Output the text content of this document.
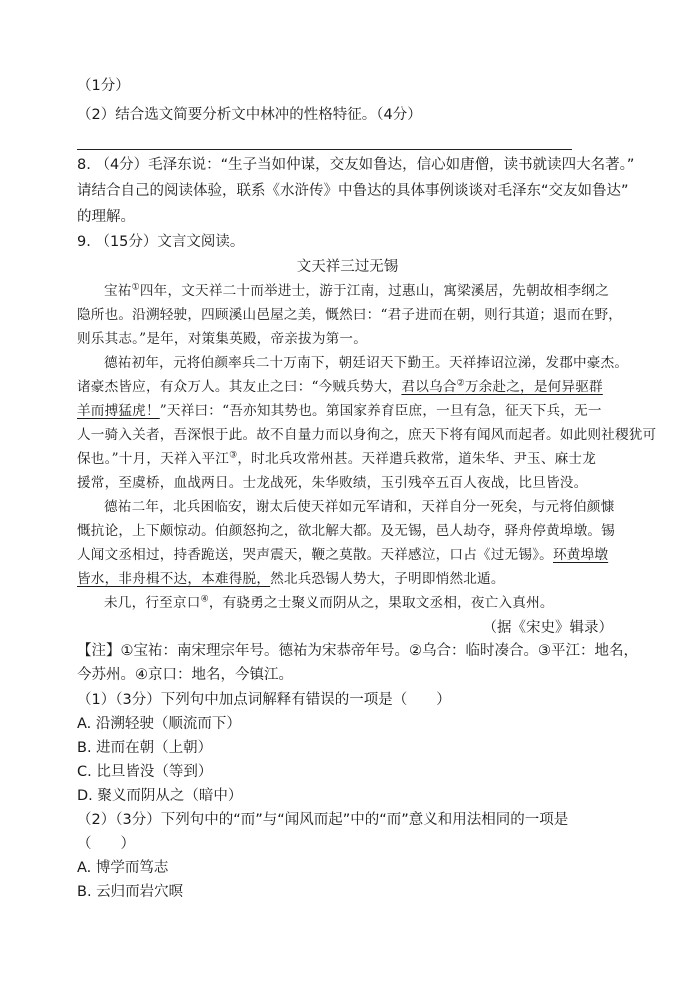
（1分）
（2）结合选文简要分析文中林冲的性格特征。（4分）
8. （4分）毛泽东说：“生子当如仲谋，交友如鲁达，信心如唐僧，读书就读四大名著。”
请结合自己的阅读体验，联系《水浒传》中鲁达的具体事例谈谈对毛泽东“交友如鲁达”
的理解。
9. （15分）文言文阅读。
文天祥三过无锡
宝祐①四年，文天祥二十而举进士，游于江南，过惠山，寓梁溪居，先朝故相李纲之
隐所也。沿溯轻驶，四顾溪山邑屋之美，慨然曰：“君子进而在朝，则行其道；退而在野，
则乐其志。”是年，对策集英殿，帝亲拔为第一。
德祐初年，元将伯颜率兵二十万南下，朝廷诏天下勤王。天祥捧诏泣涕，发郡中豪杰。
诸豪杰皆应，有众万人。其友止之曰：“今贼兵势大，君以乌合②万余赴之，是何异驱群
羊而搏猛虎！”天祥曰：“吾亦知其势也。第国家养育臣庶，一旦有急，征天下兵，无一
人一骑入关者，吾深恨于此。故不自量力而以身徇之，庶天下将有闻风而起者。如此则社稷犹可
保也。”十月，天祥入平江③，时北兵攻常州甚。天祥遣兵救常，道朱华、尹玉、麻士龙
援常，至虞桥，血战两日。士龙战死，朱华败绩，玉引残卒五百人夜战，比旦皆没。
德祐二年，北兵困临安，谢太后使天祥如元军请和，天祥自分一死矣，与元将伯颜慷
慨抗论，上下颇惊动。伯颜怒拘之，欲北解大都。及无锡，邑人劫夺，驿舟停黄埠墩。锡
人闻文丞相过，持香跪送，哭声震天，鞭之莫散。天祥感泣，口占《过无锡》。环黄埠墩
皆水，非舟楫不达，本难得脱，然北兵恐锡人势大，子明即悄然北遁。
未几，行至京口④，有骁勇之士聚义而阴从之，果取文丞相，夜亡入真州。
（据《宋史》辑录）
【注】①宝祐：南宋理宗年号。德祐为宋恭帝年号。②乌合：临时凑合。③平江：地名，
今苏州。④京口：地名，今镇江。
（1）（3分）下列句中加点词解释有错误的一项是（　　）
A. 沿溯轻驶（顺流而下）
B. 进而在朝（上朝）
C. 比旦皆没（等到）
D. 聚义而阴从之（暗中）
（2）（3分）下列句中的“而”与“闻风而起”中的“而”意义和用法相同的一项是
（　　）
A. 博学而笃志
B. 云归而岩穴暝
